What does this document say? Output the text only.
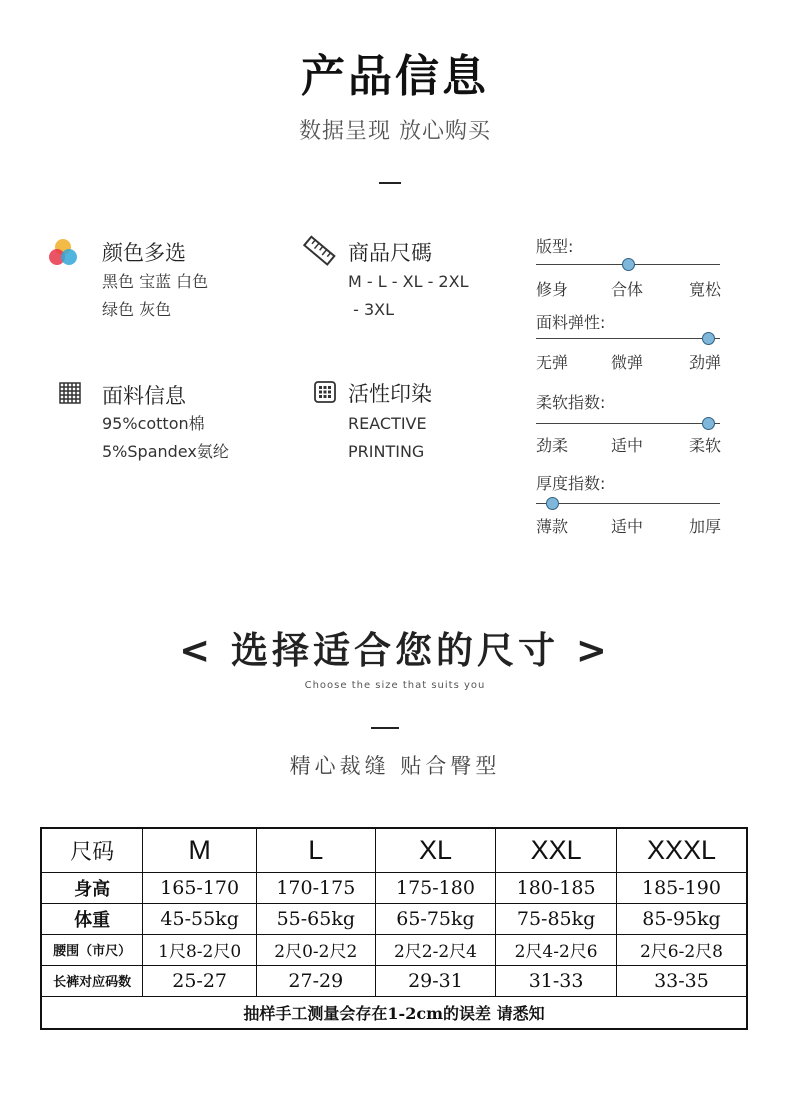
产品信息
数据呈现 放心购买
颜色多选
黑色 宝蓝 白色
绿色 灰色
商品尺碼
M - L - XL - 2XL
- 3XL
面料信息
95%cotton棉
5%Spandex氨纶
活性印染
REACTIVE
PRINTING
版型:
修身	合体	寛松
面料弹性:
无弹	微弹	劲弹
柔软指数:
劲柔	适中	柔软
厚度指数:
薄款	适中	加厚
< 选择适合您的尺寸 >
Choose the size that suits you
精心裁缝 贴合臀型
尺码	M	L	XL	XXL	XXXL
身高	165-170	170-175	175-180	180-185	185-190
体重	45-55kg	55-65kg	65-75kg	75-85kg	85-95kg
腰围（市尺）	1尺8-2尺0	2尺0-2尺2	2尺2-2尺4	2尺4-2尺6	2尺6-2尺8
长裤对应码数	25-27	27-29	29-31	31-33	33-35
抽样手工测量会存在1-2cm的误差 请悉知					
